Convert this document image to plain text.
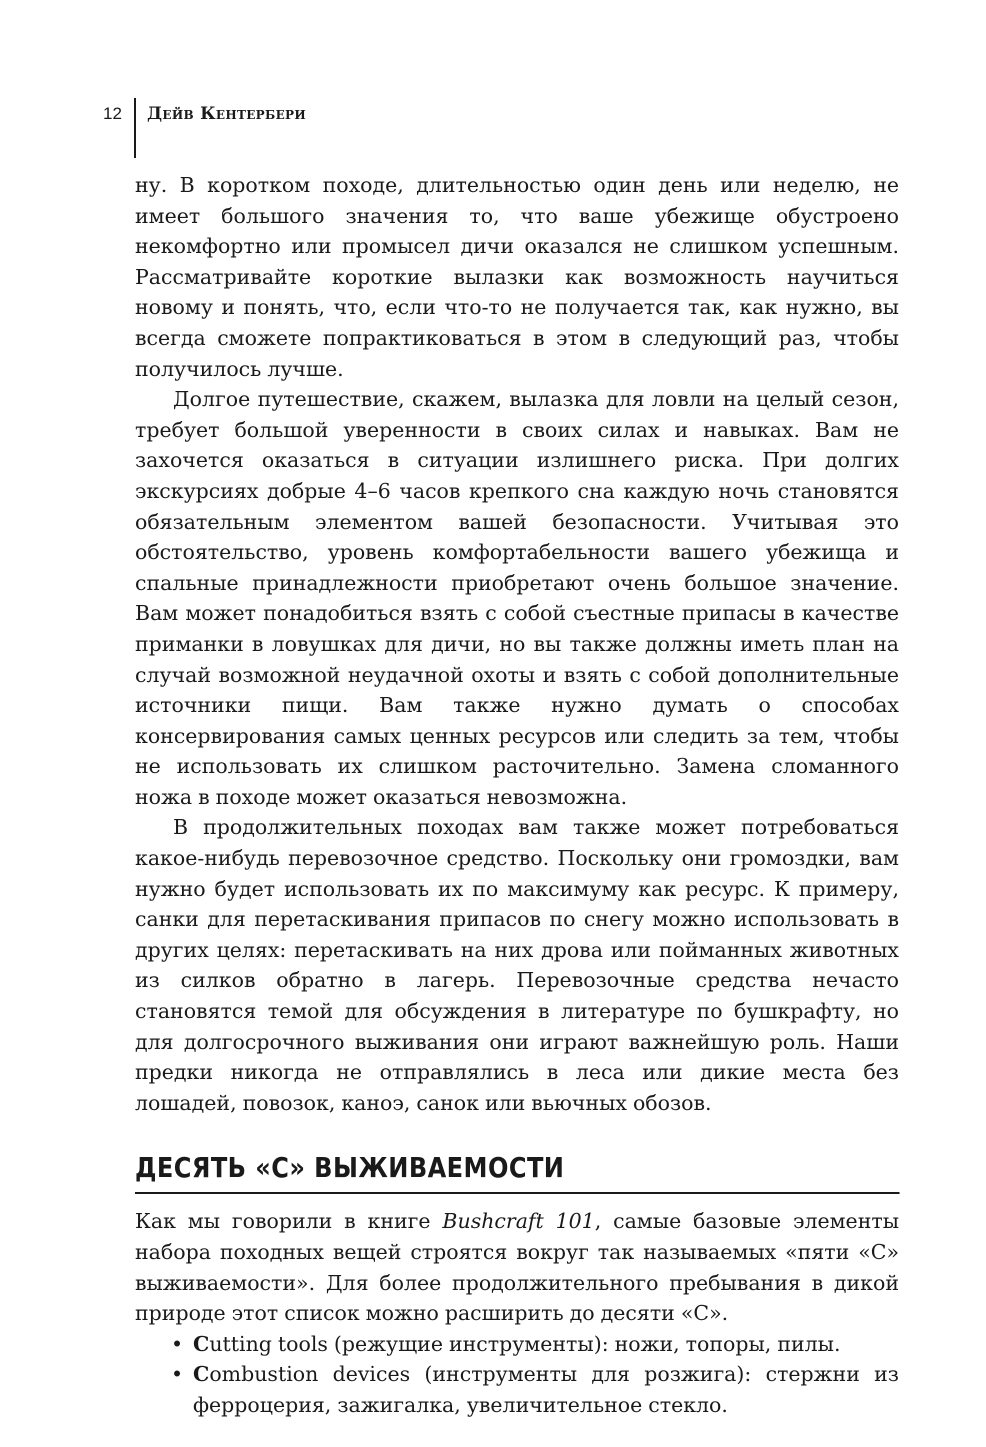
12 Дейв Кентербери

ну. В коротком походе, длительностью один день или неделю, не имеет большого значения то, что ваше убежище обустроено некомфортно или промысел дичи оказался не слишком успешным. Рассматривайте короткие вылазки как возможность научиться новому и понять, что, если что-то не получается так, как нужно, вы всегда сможете попрактиковаться в этом в следующий раз, чтобы получилось лучше.

Долгое путешествие, скажем, вылазка для ловли на целый сезон, требует большой уверенности в своих силах и навыках. Вам не захочется оказаться в ситуации излишнего риска. При долгих экскурсиях добрые 4–6 часов крепкого сна каждую ночь становятся обязательным элементом вашей безопасности. Учитывая это обстоятельство, уровень комфортабельности вашего убежища и спальные принадлежности приобретают очень большое значение. Вам может понадобиться взять с собой съестные припасы в качестве приманки в ловушках для дичи, но вы также должны иметь план на случай возможной неудачной охоты и взять с собой дополнительные источники пищи. Вам также нужно думать о способах консервирования самых ценных ресурсов или следить за тем, чтобы не использовать их слишком расточительно. Замена сломанного ножа в походе может оказаться невозможна.

В продолжительных походах вам также может потребоваться какое-нибудь перевозочное средство. Поскольку они громоздки, вам нужно будет использовать их по максимуму как ресурс. К примеру, санки для перетаскивания припасов по снегу можно использовать в других целях: перетаскивать на них дрова или пойманных животных из силков обратно в лагерь. Перевозочные средства нечасто становятся темой для обсуждения в литературе по бушкрафту, но для долгосрочного выживания они играют важнейшую роль. Наши предки никогда не отправлялись в леса или дикие места без лошадей, повозок, каноэ, санок или вьючных обозов.

ДЕСЯТЬ «С» ВЫЖИВАЕМОСТИ

Как мы говорили в книге Bushcraft 101, самые базовые элементы набора походных вещей строятся вокруг так называемых «пяти «С» выживаемости». Для более продолжительного пребывания в дикой природе этот список можно расширить до десяти «С».

• Cutting tools (режущие инструменты): ножи, топоры, пилы.
• Combustion devices (инструменты для розжига): стержни из ферроцерия, зажигалка, увеличительное стекло.
